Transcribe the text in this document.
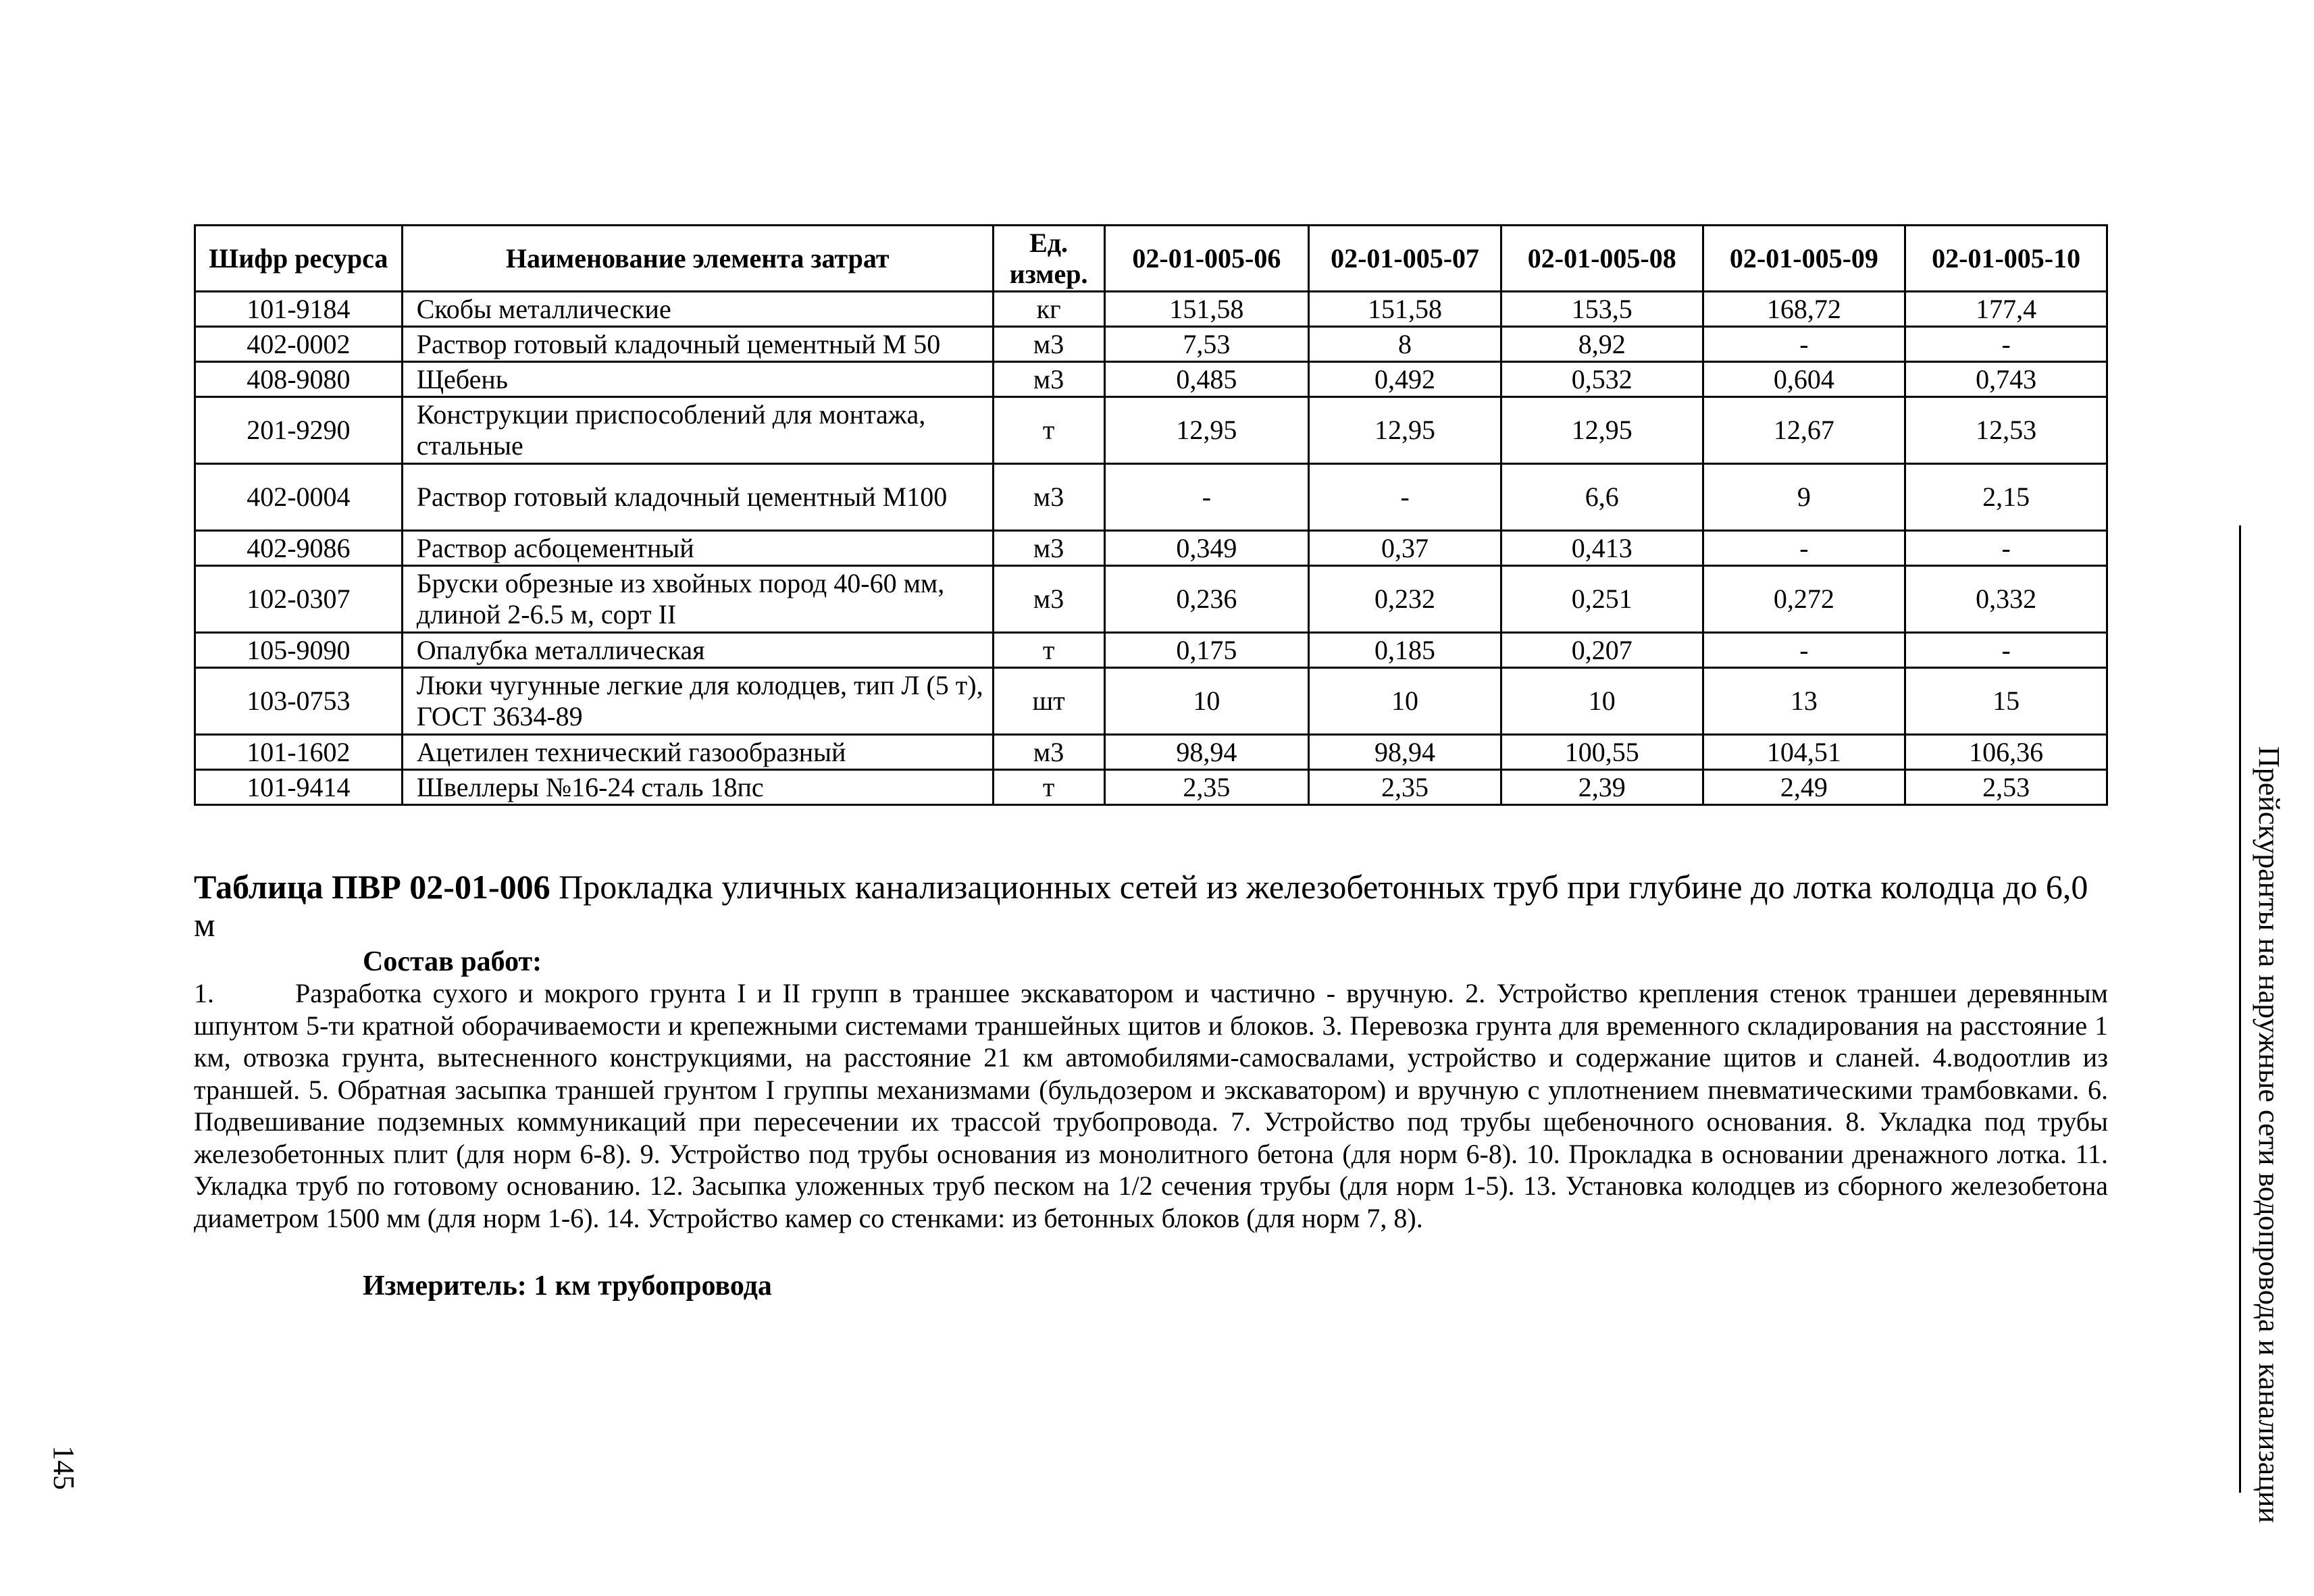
Шифр ресурса	Наименование элемента затрат	Ед. измер.	02-01-005-06	02-01-005-07	02-01-005-08	02-01-005-09	02-01-005-10
101-9184	Скобы металлические	кг	151,58	151,58	153,5	168,72	177,4
402-0002	Раствор готовый кладочный цементный М 50	м3	7,53	8	8,92	-	-
408-9080	Щебень	м3	0,485	0,492	0,532	0,604	0,743
201-9290	Конструкции приспособлений для монтажа, стальные	т	12,95	12,95	12,95	12,67	12,53
402-0004	Раствор готовый кладочный цементный М100	м3	-	-	6,6	9	2,15
402-9086	Раствор асбоцементный	м3	0,349	0,37	0,413	-	-
102-0307	Бруски обрезные из хвойных пород 40-60 мм, длиной 2-6.5 м, сорт II	м3	0,236	0,232	0,251	0,272	0,332
105-9090	Опалубка металлическая	т	0,175	0,185	0,207	-	-
103-0753	Люки чугунные легкие для колодцев, тип Л (5 т), ГОСТ 3634-89	шт	10	10	10	13	15
101-1602	Ацетилен технический газообразный	м3	98,94	98,94	100,55	104,51	106,36
101-9414	Швеллеры №16-24 сталь 18пс	т	2,35	2,35	2,39	2,49	2,53
Таблица ПВР 02-01-006 Прокладка уличных канализационных сетей из железобетонных труб при глубине до лотка колодца до 6,0 м
Состав работ:
1.	Разработка сухого и мокрого грунта I и II групп в траншее экскаватором и частично - вручную. 2. Устройство крепления стенок траншеи деревянным шпунтом 5-ти кратной оборачиваемости и крепежными системами траншейных щитов и блоков. 3. Перевозка грунта для временного складирования на расстояние 1 км, отвозка грунта, вытесненного конструкциями, на расстояние 21 км автомобилями-самосвалами, устройство и содержание щитов и сланей. 4.водоотлив из траншей. 5. Обратная засыпка траншей грунтом I группы механизмами (бульдозером и экскаватором) и вручную с уплотнением пневматическими трамбовками. 6. Подвешивание подземных коммуникаций при пересечении их трассой трубопровода. 7. Устройство под трубы щебеночного основания. 8. Укладка под трубы железобетонных плит (для норм 6-8). 9. Устройство под трубы основания из монолитного бетона (для норм 6-8). 10. Прокладка в основании дренажного лотка. 11. Укладка труб по готовому основанию. 12. Засыпка уложенных труб песком на 1/2 сечения трубы (для норм 1-5). 13. Установка колодцев из сборного железобетона диаметром 1500 мм (для норм 1-6). 14. Устройство камер со стенками: из бетонных блоков (для норм 7, 8).
Измеритель: 1 км трубопровода	Прейскуранты на наружные сети водопровода и канализации
145
